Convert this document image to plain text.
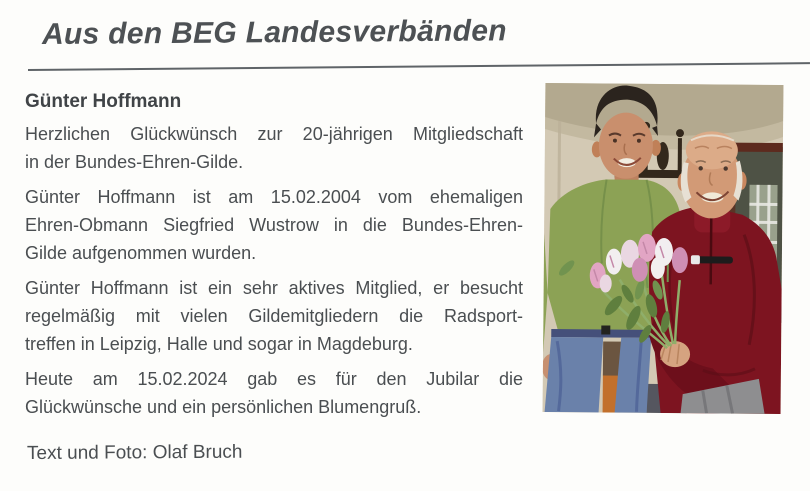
Aus den BEG Landesverbänden
Günter Hoffmann
Herzlichen Glückwünsch zur 20-jährigen Mitgliedschaft
in der Bundes-Ehren-Gilde.
Günter Hoffmann ist am 15.02.2004 vom ehemaligen
Ehren-Obmann Siegfried Wustrow in die Bundes-Ehren-
Gilde aufgenommen wurden.
Günter Hoffmann ist ein sehr aktives Mitglied, er besucht
regelmäßig mit vielen Gildemitgliedern die Radsport-
treffen in Leipzig, Halle und sogar in Magdeburg.
Heute am 15.02.2024 gab es für den Jubilar die
Glückwünsche und ein persönlichen Blumengruß.
Text und Foto: Olaf Bruch
